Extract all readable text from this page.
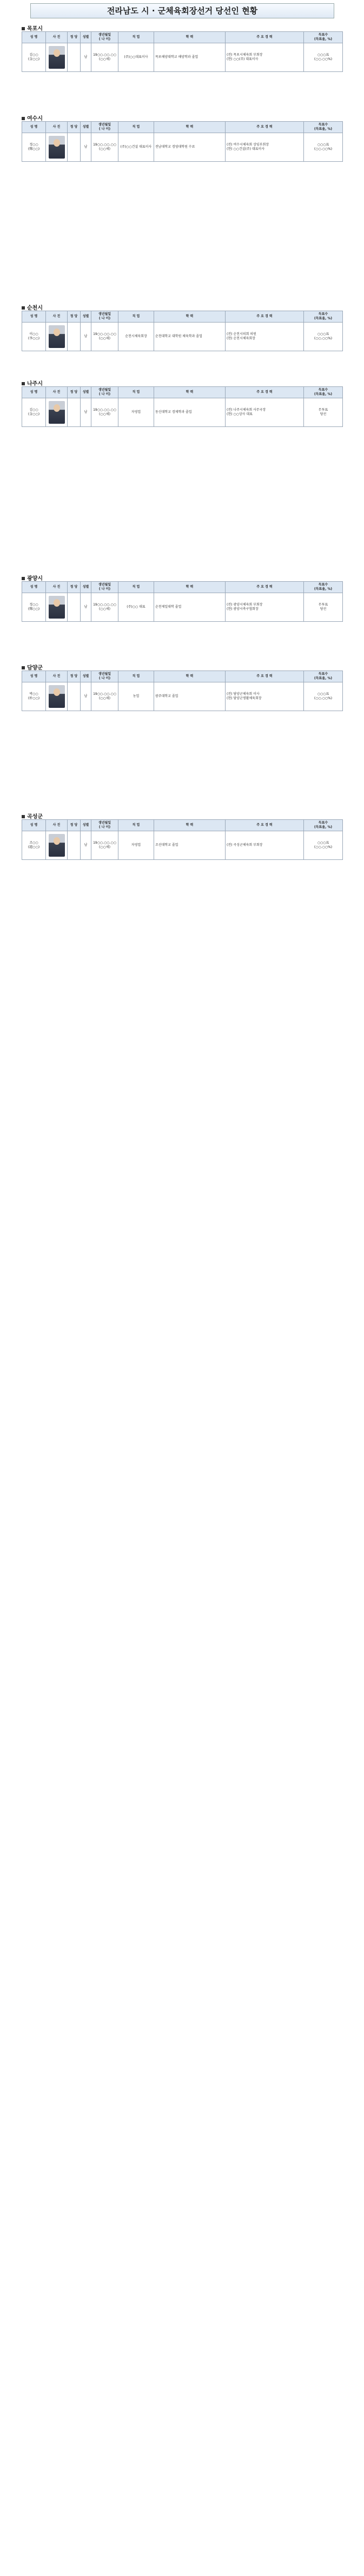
전라남도 시 · 군체육회장선거 당선인 현황
목포시
성 명	사 진	정 당	성별	생년월일
( 나 이)	직 업	학 력	주 요 경 력	득표수
(득표율, %)
김○○
(金○○)			남	19○○.○○.○○
(○○세)	(주)○○대표이사	목포해양대학교 해양학과 졸업	(전) 목포시체육회 부회장
(현) ○○(주) 대표이사	○○○표
(○○.○○%)
여수시
성 명	사 진	정 당	성별	생년월일
( 나 이)	직 업	학 력	주 요 경 력	득표수
(득표율, %)
정○○
(鄭○○)			남	19○○.○○.○○
(○○세)	(주)○○건설 대표이사	전남대학교 경영대학원 수료	(전) 여수시체육회 상임부회장
(현) ○○건설(주) 대표이사	○○○표
(○○.○○%)
순천시
성 명	사 진	정 당	성별	생년월일
( 나 이)	직 업	학 력	주 요 경 력	득표수
(득표율, %)
이○○
(李○○)			남	19○○.○○.○○
(○○세)	순천시체육회장	순천대학교 대학원 체육학과 졸업	(전) 순천시의회 의원
(현) 순천시체육회장	○○○표
(○○.○○%)
나주시
성 명	사 진	정 당	성별	생년월일
( 나 이)	직 업	학 력	주 요 경 력	득표수
(득표율, %)
김○○
(金○○)			남	19○○.○○.○○
(○○세)	자영업	동신대학교 경제학과 졸업	(전) 나주시체육회 사무국장
(현) ○○상사 대표	무투표
당선
광양시
성 명	사 진	정 당	성별	생년월일
( 나 이)	직 업	학 력	주 요 경 력	득표수
(득표율, %)
정○○
(鄭○○)			남	19○○.○○.○○
(○○세)	(주)○○ 대표	순천제일대학 졸업	(전) 광양시체육회 부회장
(현) 광양시축구협회장	무투표
당선
담양군
성 명	사 진	정 당	성별	생년월일
( 나 이)	직 업	학 력	주 요 경 력	득표수
(득표율, %)
박○○
(朴○○)			남	19○○.○○.○○
(○○세)	농업	광주대학교 졸업	(전) 담양군체육회 이사
(현) 담양군생활체육회장	○○○표
(○○.○○%)
곡성군
성 명	사 진	정 당	성별	생년월일
( 나 이)	직 업	학 력	주 요 경 력	득표수
(득표율, %)
조○○
(趙○○)			남	19○○.○○.○○
(○○세)	자영업	조선대학교 졸업	(전) 곡성군체육회 부회장	○○○표
(○○.○○%)
